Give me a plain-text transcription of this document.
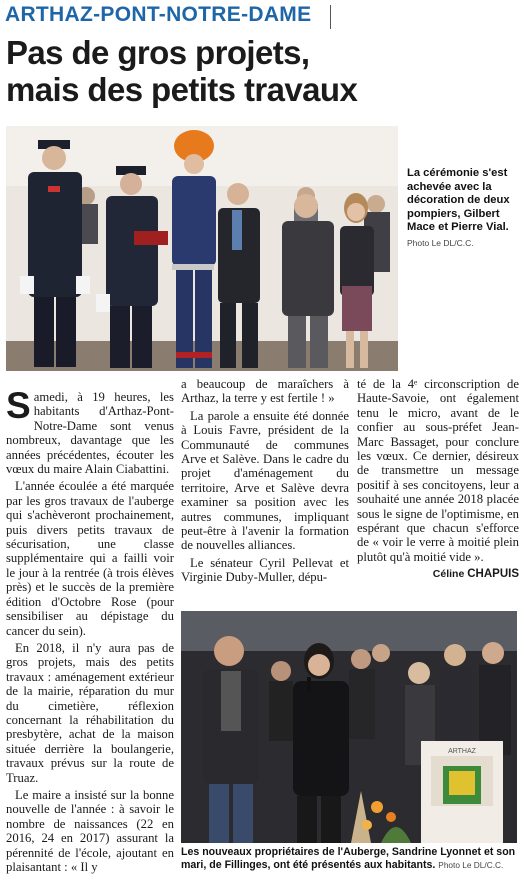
ARTHAZ-PONT-NOTRE-DAME
Pas de gros projets,
mais des petits travaux
La cérémonie s'est achevée avec la décoration de deux pompiers, Gilbert Mace et Pierre Vial.
Photo Le DL/C.C.

Samedi, à 19 heures, les habitants d'Arthaz-Pont-Notre-Dame sont venus nombreux, davantage que les années précédentes, écouter les vœux du maire Alain Ciabattini.

L'année écoulée a été marquée par les gros travaux de l'auberge qui s'achèveront prochainement, puis divers petits travaux de sécurisation, une classe supplémentaire qui a failli voir le jour à la rentrée (à trois élèves près) et le succès de la première édition d'Octobre Rose (pour sensibiliser au dépistage du cancer du sein).

En 2018, il n'y aura pas de gros projets, mais des petits travaux : aménagement extérieur de la mairie, réparation du mur du cimetière, réflexion concernant la réhabilitation du presbytère, achat de la maison située derrière la boulangerie, travaux prévus sur la route de Truaz.

Le maire a insisté sur la bonne nouvelle de l'année : à savoir le nombre de naissances (22 en 2016, 24 en 2017) assurant la pérennité de l'école, ajoutant en plaisantant : « Il y

a beaucoup de maraîchers à Arthaz, la terre y est fertile ! »

La parole a ensuite été donnée à Louis Favre, président de la Communauté de communes Arve et Salève. Dans le cadre du projet d'aménagement du territoire, Arve et Salève devra examiner sa position avec les autres communes, impliquant peut-être à l'avenir la formation de nouvelles alliances.

Le sénateur Cyril Pellevat et Virginie Duby-Muller, dépu-

té de la 4ᵉ circonscription de Haute-Savoie, ont également tenu le micro, avant de le confier au sous-préfet Jean-Marc Bassaget, pour conclure les vœux. Ce dernier, désireux de transmettre un message positif à ses concitoyens, leur a souhaité une année 2018 placée sous le signe de l'optimisme, en espérant que chacun s'efforce de « voir le verre à moitié plein plutôt qu'à moitié vide ».

Céline CHAPUIS
ARTHAZ
Les nouveaux propriétaires de l'Auberge, Sandrine Lyonnet et son mari, de Fillinges, ont été présentés aux habitants. Photo Le DL/C.C.
